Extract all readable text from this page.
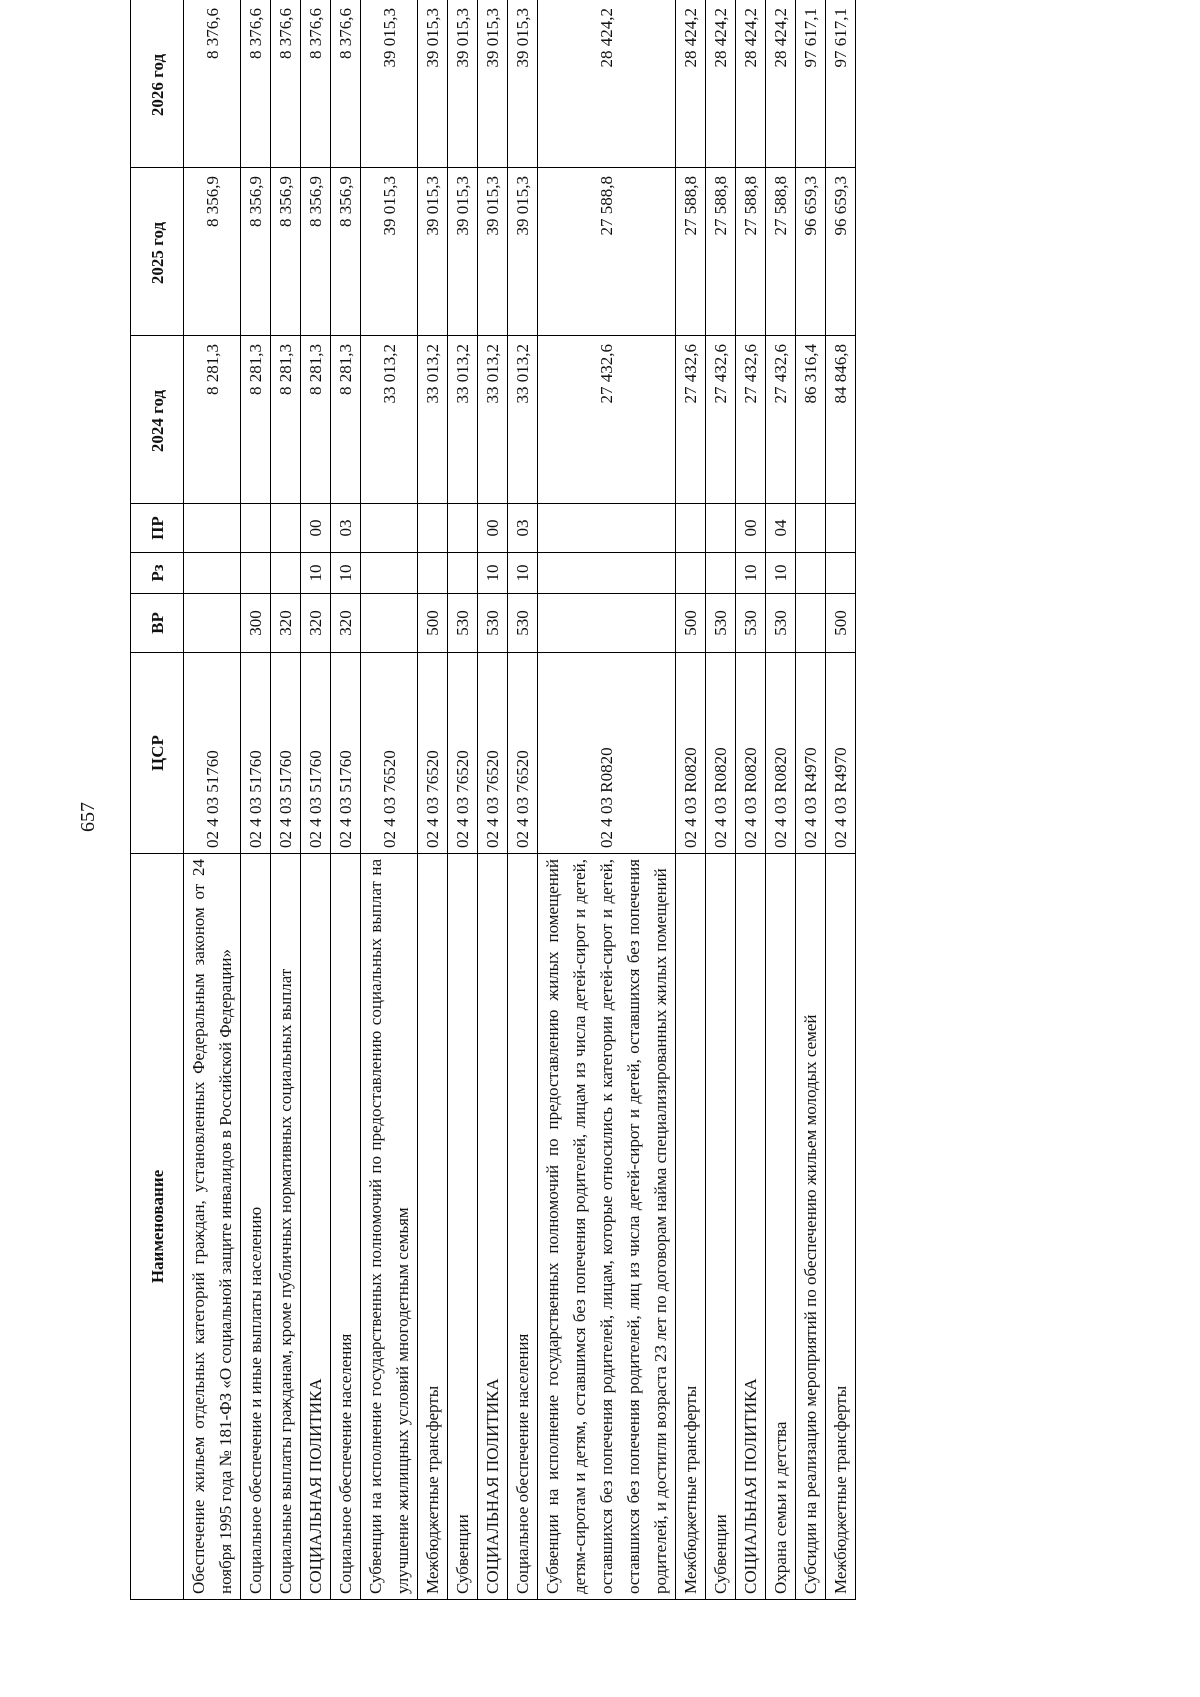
657
Наименование	ЦСР	ВР	Рз	ПР	2024 год	2025 год	2026 год
Обеспечение жильем отдельных категорий граждан, установленных Федеральным законом от 24 ноября 1995 года № 181-ФЗ «О социальной защите инвалидов в Российской Федерации»	02 4 03 51760				8 281,3	8 356,9	8 376,6
Социальное обеспечение и иные выплаты населению	02 4 03 51760	300			8 281,3	8 356,9	8 376,6
Социальные выплаты гражданам, кроме публичных нормативных социальных выплат	02 4 03 51760	320			8 281,3	8 356,9	8 376,6
СОЦИАЛЬНАЯ ПОЛИТИКА	02 4 03 51760	320	10	00	8 281,3	8 356,9	8 376,6
Социальное обеспечение населения	02 4 03 51760	320	10	03	8 281,3	8 356,9	8 376,6
Субвенции на исполнение государственных полномочий по предоставлению социальных выплат на улучшение жилищных условий многодетным семьям	02 4 03 76520				33 013,2	39 015,3	39 015,3
Межбюджетные трансферты	02 4 03 76520	500			33 013,2	39 015,3	39 015,3
Субвенции	02 4 03 76520	530			33 013,2	39 015,3	39 015,3
СОЦИАЛЬНАЯ ПОЛИТИКА	02 4 03 76520	530	10	00	33 013,2	39 015,3	39 015,3
Социальное обеспечение населения	02 4 03 76520	530	10	03	33 013,2	39 015,3	39 015,3
Субвенции на исполнение государственных полномочий по предоставлению жилых помещений детям-сиротам и детям, оставшимся без попечения родителей, лицам из числа детей-сирот и детей, оставшихся без попечения родителей, лицам, которые относились к категории детей-сирот и детей, оставшихся без попечения родителей, лиц из числа детей-сирот и детей, оставшихся без попечения родителей, и достигли возраста 23 лет по договорам найма специализированных жилых помещений	02 4 03 R0820				27 432,6	27 588,8	28 424,2
Межбюджетные трансферты	02 4 03 R0820	500			27 432,6	27 588,8	28 424,2
Субвенции	02 4 03 R0820	530			27 432,6	27 588,8	28 424,2
СОЦИАЛЬНАЯ ПОЛИТИКА	02 4 03 R0820	530	10	00	27 432,6	27 588,8	28 424,2
Охрана семьи и детства	02 4 03 R0820	530	10	04	27 432,6	27 588,8	28 424,2
Субсидии на реализацию мероприятий по обеспечению жильем молодых семей	02 4 03 R4970				86 316,4	96 659,3	97 617,1
Межбюджетные трансферты	02 4 03 R4970	500			84 846,8	96 659,3	97 617,1
